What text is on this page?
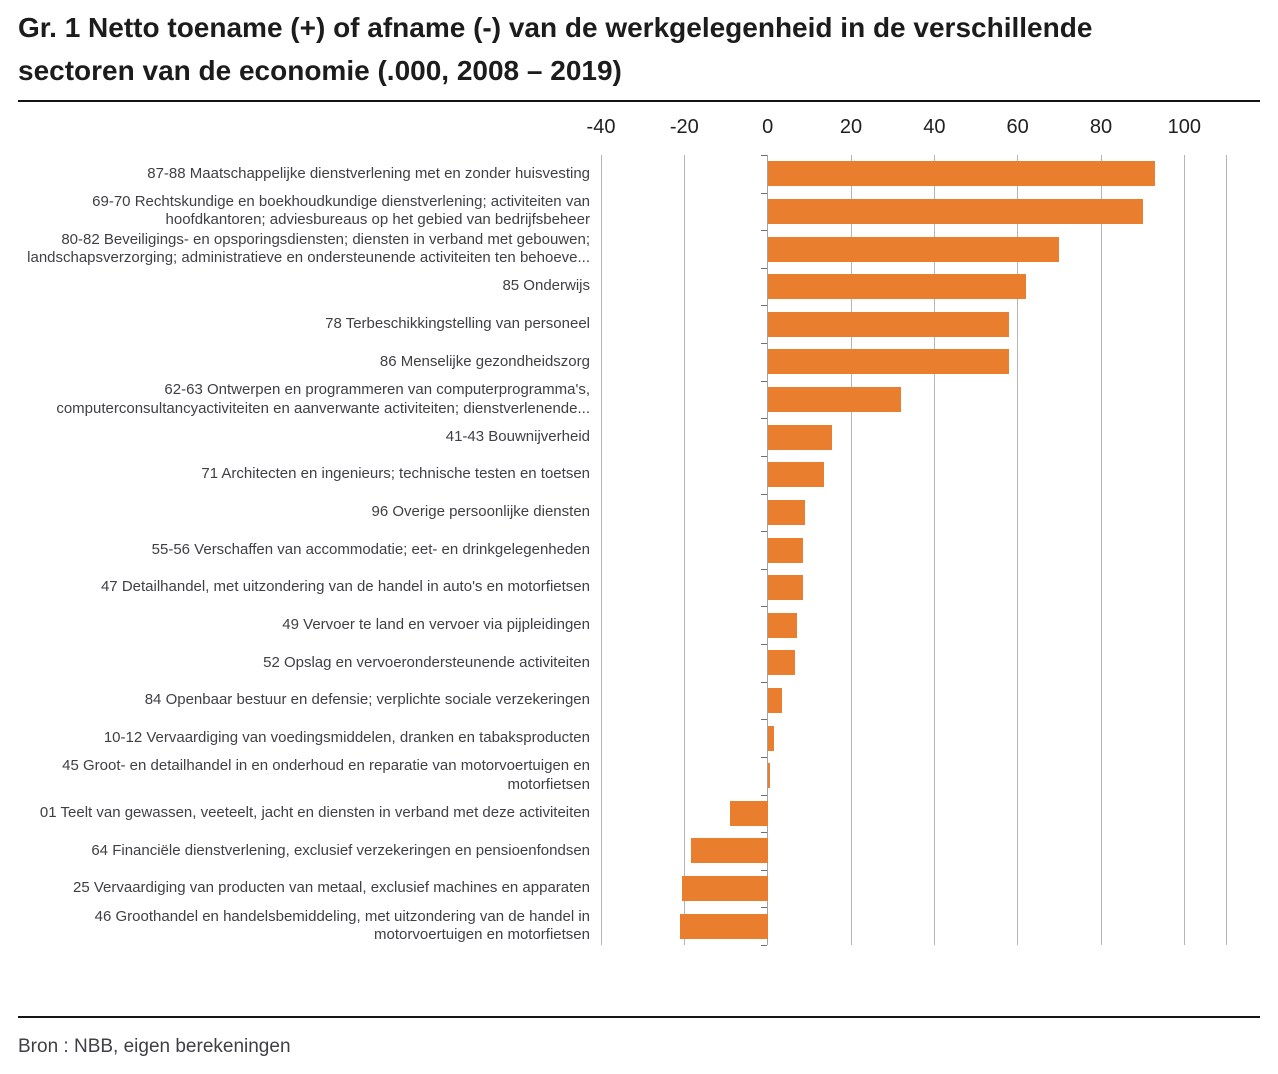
Gr. 1 Netto toename (+) of afname (-) van de werkgelegenheid in de verschillende sectoren van de economie (.000, 2008 – 2019)
Bron : NBB, eigen berekeningen
-40	-20	0	20	40	60	80	100
87-88 Maatschappelijke dienstverlening met en zonder huisvesting
69-70 Rechtskundige en boekhoudkundige dienstverlening; activiteiten van hoofdkantoren; adviesbureaus op het gebied van bedrijfsbeheer
80-82 Beveiligings- en opsporingsdiensten; diensten in verband met gebouwen; landschapsverzorging; administratieve en ondersteunende activiteiten ten behoeve...
85 Onderwijs
78 Terbeschikkingstelling van personeel
86 Menselijke gezondheidszorg
62-63 Ontwerpen en programmeren van computerprogramma's, computerconsultancyactiviteiten en aanverwante activiteiten; dienstverlenende...
41-43 Bouwnijverheid
71 Architecten en ingenieurs; technische testen en toetsen
96 Overige persoonlijke diensten
55-56 Verschaffen van accommodatie; eet- en drinkgelegenheden
47 Detailhandel, met uitzondering van de handel in auto's en motorfietsen
49 Vervoer te land en vervoer via pijpleidingen
52 Opslag en vervoerondersteunende activiteiten
84 Openbaar bestuur en defensie; verplichte sociale verzekeringen
10-12 Vervaardiging van voedingsmiddelen, dranken en tabaksproducten
45 Groot- en detailhandel in en onderhoud en reparatie van motorvoertuigen en motorfietsen
01 Teelt van gewassen, veeteelt, jacht en diensten in verband met deze activiteiten
64 Financiële dienstverlening, exclusief verzekeringen en pensioenfondsen
25 Vervaardiging van producten van metaal, exclusief machines en apparaten
46 Groothandel en handelsbemiddeling, met uitzondering van de handel in motorvoertuigen en motorfietsen
